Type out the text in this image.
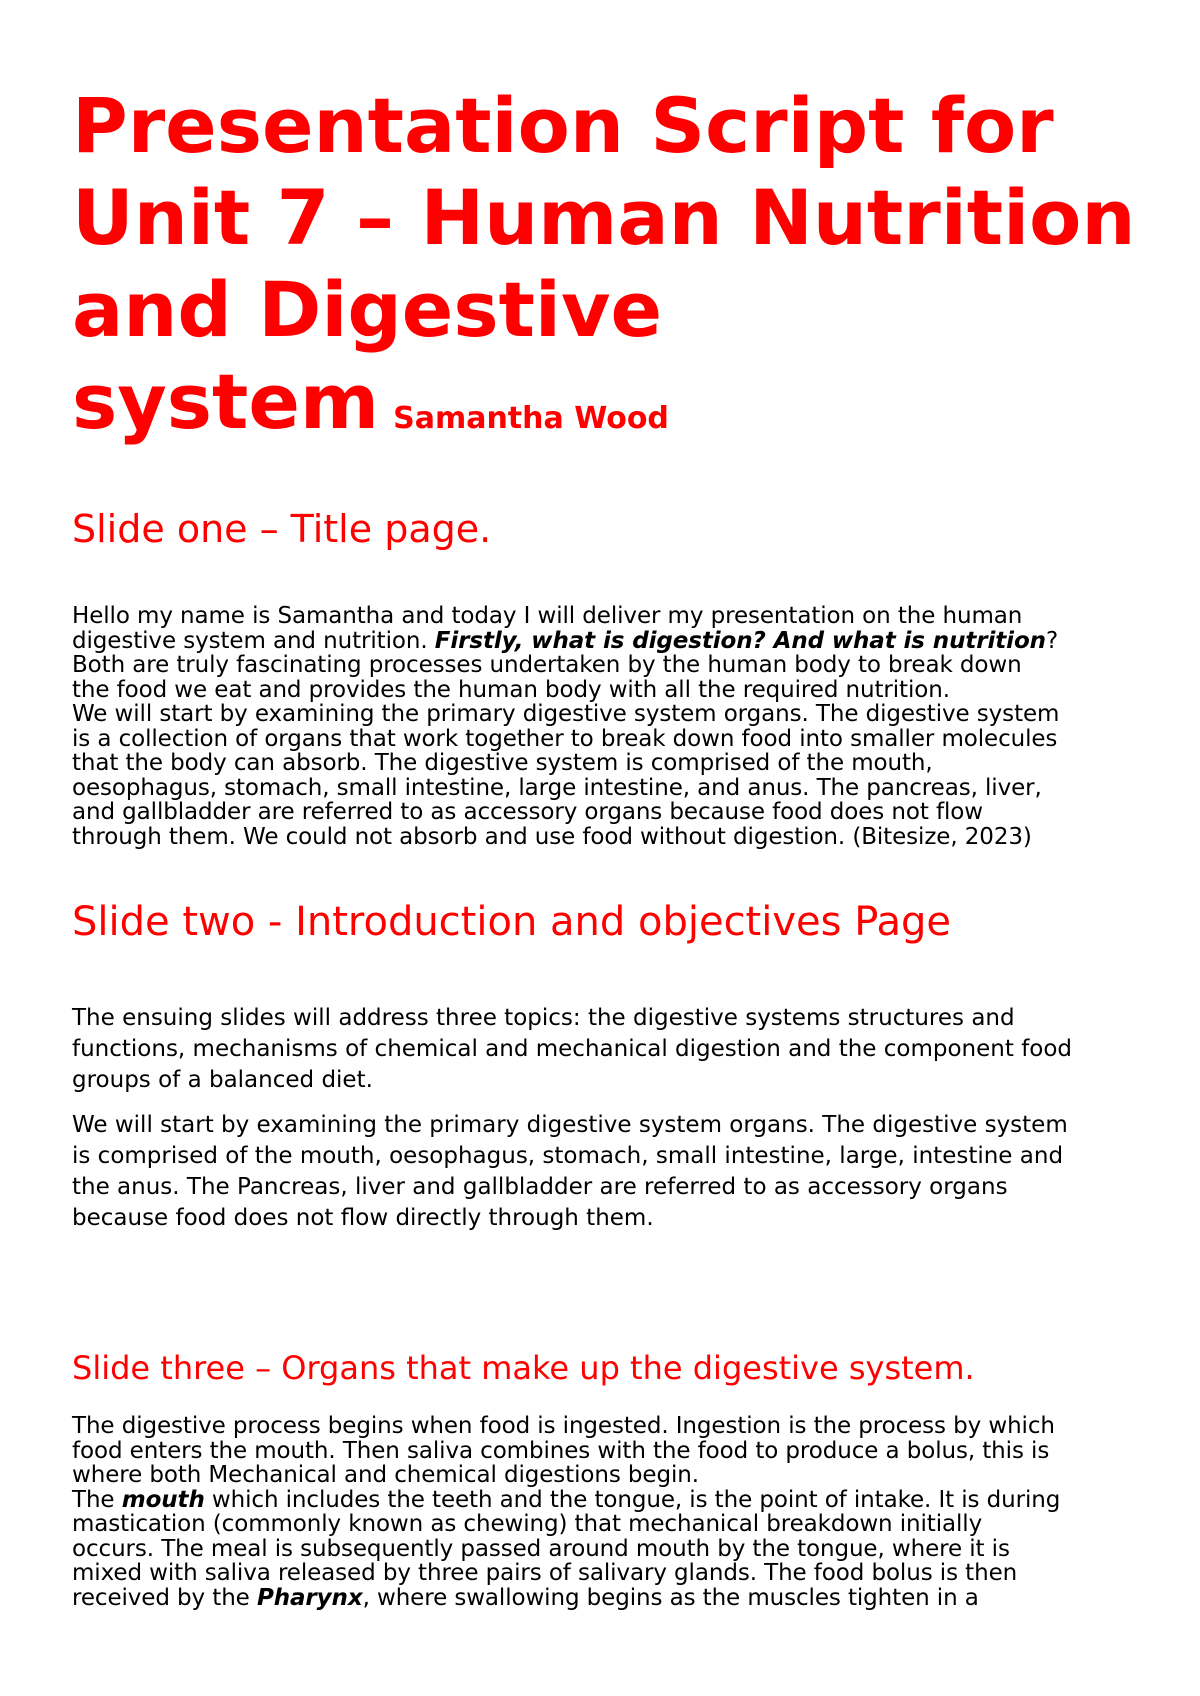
Presentation Script for Unit 7 – Human Nutrition and Digestive system Samantha Wood
Slide one – Title page.
Hello my name is Samantha and today I will deliver my presentation on the human
digestive system and nutrition. Firstly, what is digestion? And what is nutrition?
Both are truly fascinating processes undertaken by the human body to break down
the food we eat and provides the human body with all the required nutrition.
We will start by examining the primary digestive system organs. The digestive system
is a collection of organs that work together to break down food into smaller molecules
that the body can absorb. The digestive system is comprised of the mouth,
oesophagus, stomach, small intestine, large intestine, and anus. The pancreas, liver,
and gallbladder are referred to as accessory organs because food does not flow
through them. We could not absorb and use food without digestion. (Bitesize, 2023)
Slide two - Introduction and objectives Page
The ensuing slides will address three topics: the digestive systems structures and
functions, mechanisms of chemical and mechanical digestion and the component food
groups of a balanced diet.
We will start by examining the primary digestive system organs. The digestive system
is comprised of the mouth, oesophagus, stomach, small intestine, large, intestine and
the anus. The Pancreas, liver and gallbladder are referred to as accessory organs
because food does not flow directly through them.
Slide three – Organs that make up the digestive system.
The digestive process begins when food is ingested. Ingestion is the process by which
food enters the mouth. Then saliva combines with the food to produce a bolus, this is
where both Mechanical and chemical digestions begin.
The mouth which includes the teeth and the tongue, is the point of intake. It is during
mastication (commonly known as chewing) that mechanical breakdown initially
occurs. The meal is subsequently passed around mouth by the tongue, where it is
mixed with saliva released by three pairs of salivary glands. The food bolus is then
received by the Pharynx, where swallowing begins as the muscles tighten in a
